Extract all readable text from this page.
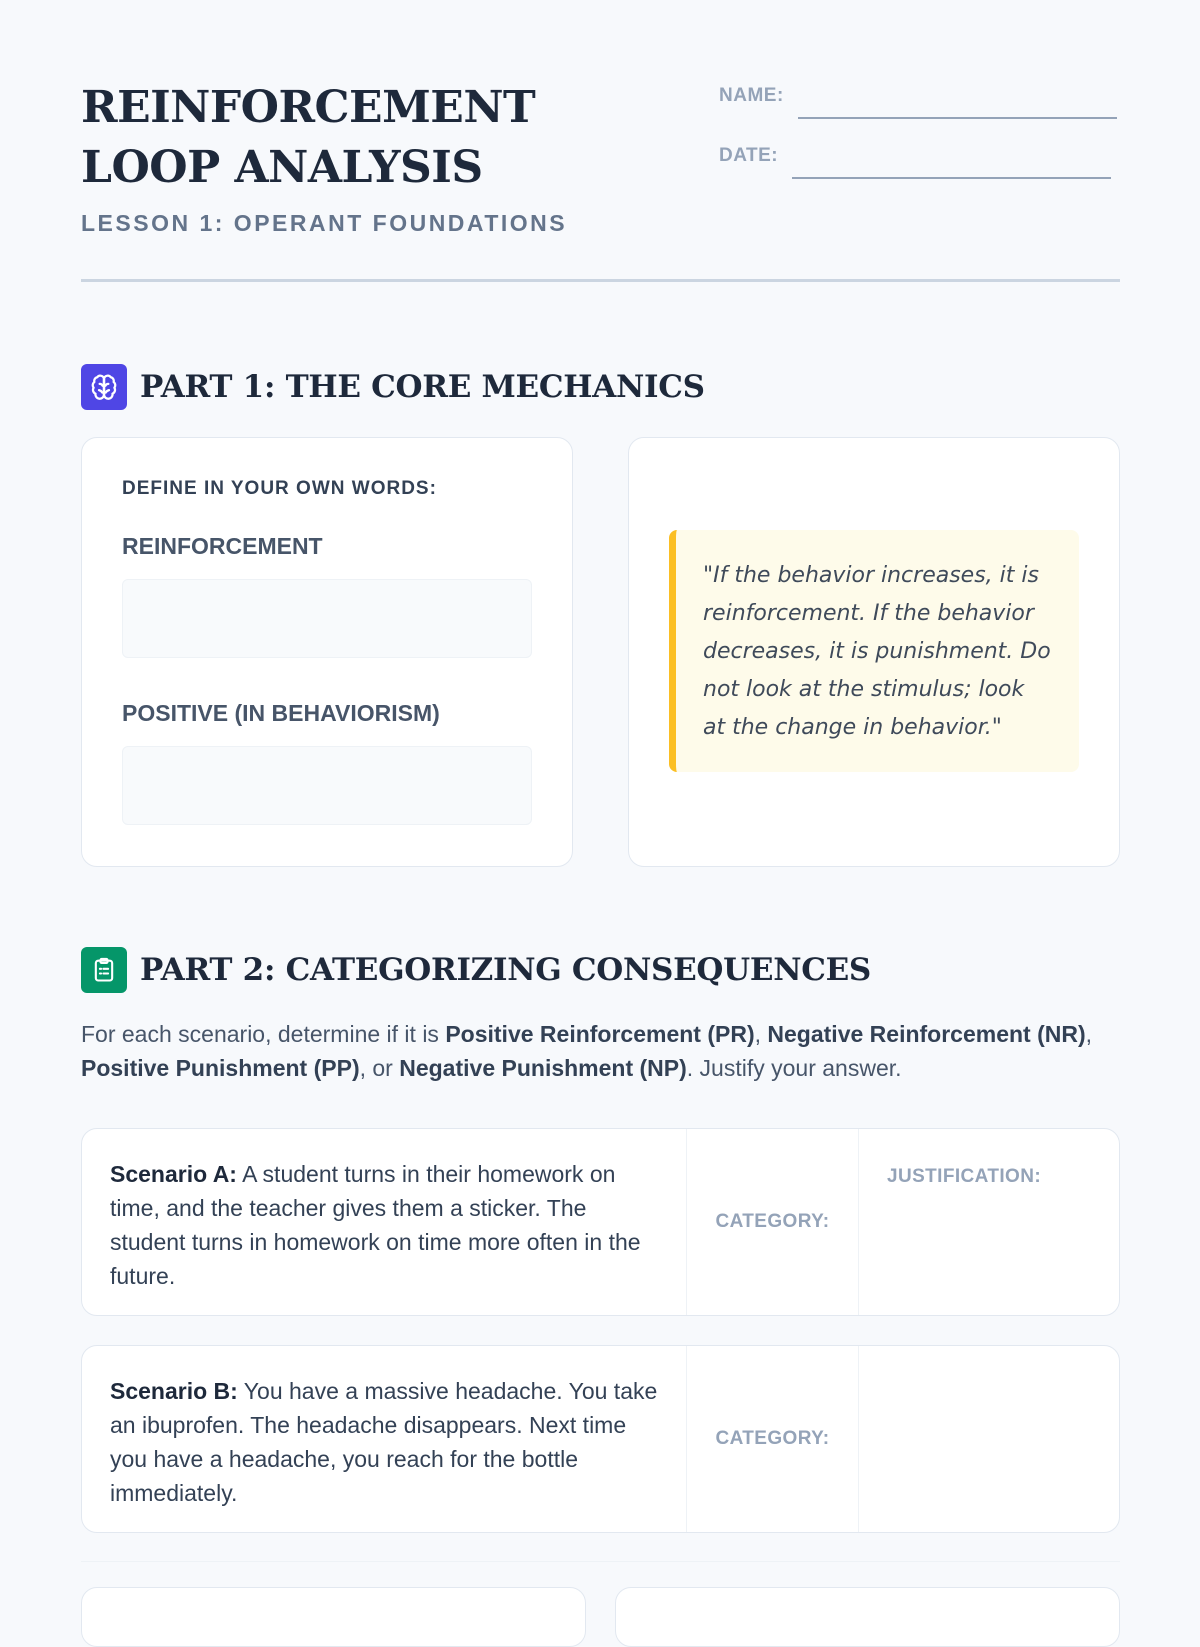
REINFORCEMENT LOOP ANALYSIS
LESSON 1: OPERANT FOUNDATIONS
NAME:
DATE:
PART 1: THE CORE MECHANICS
DEFINE IN YOUR OWN WORDS:
REINFORCEMENT
POSITIVE (IN BEHAVIORISM)
"If the behavior increases, it is reinforcement. If the behavior decreases, it is punishment. Do not look at the stimulus; look at the change in behavior."
PART 2: CATEGORIZING CONSEQUENCES
For each scenario, determine if it is Positive Reinforcement (PR), Negative Reinforcement (NR), Positive Punishment (PP), or Negative Punishment (NP). Justify your answer.
Scenario A: A student turns in their homework on time, and the teacher gives them a sticker. The student turns in homework on time more often in the future.
CATEGORY:
JUSTIFICATION:
Scenario B: You have a massive headache. You take an ibuprofen. The headache disappears. Next time you have a headache, you reach for the bottle immediately.
CATEGORY:
